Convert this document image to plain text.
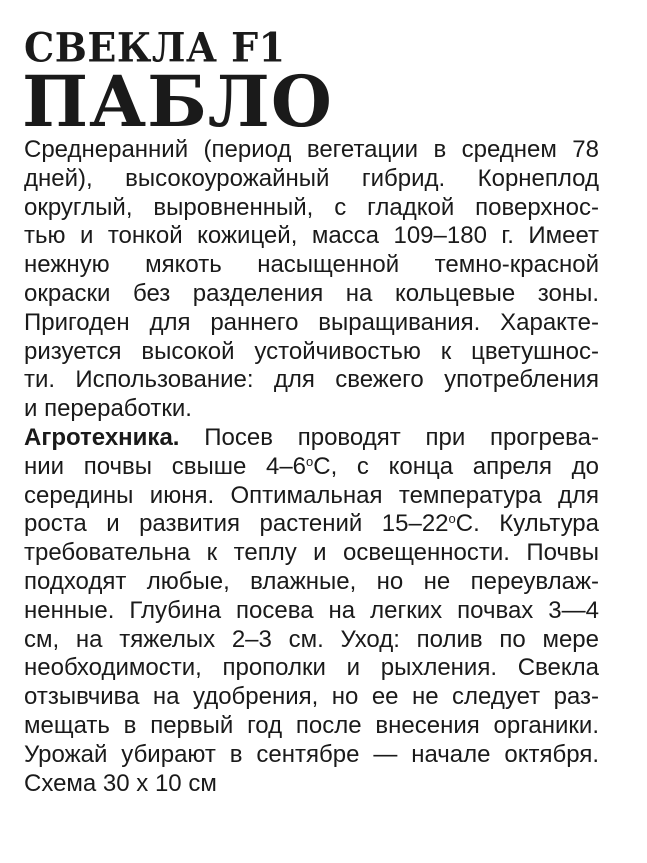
СВЕКЛА F1
ПАБЛО
Среднеранний (период вегетации в среднем 78
дней), высокоурожайный гибрид. Корнеплод
округлый, выровненный, с гладкой поверхнос-
тью и тонкой кожицей, масса 109–180 г. Имеет
нежную мякоть насыщенной темно-красной
окраски без разделения на кольцевые зоны.
Пригоден для раннего выращивания. Характе-
ризуется высокой устойчивостью к цветушнос-
ти. Использование: для свежего употребления
и переработки.
Агротехника. Посев проводят при прогрева-
нии почвы свыше $4-6^оС$, с конца апреля до
середины июня. Оптимальная температура для
роста и развития растений $15-22^оС$. Культура
требовательна к теплу и освещенности. Почвы
подходят любые, влажные, но не переувлаж-
ненные. Глубина посева на легких почвах 3—4
см, на тяжелых 2–3 см. Уход: полив по мере
необходимости, прополки и рыхления. Свекла
отзывчива на удобрения, но ее не следует раз-
мещать в первый год после внесения органики.
Урожай убирают в сентябре — начале октября.
Схема 30 х 10 см
